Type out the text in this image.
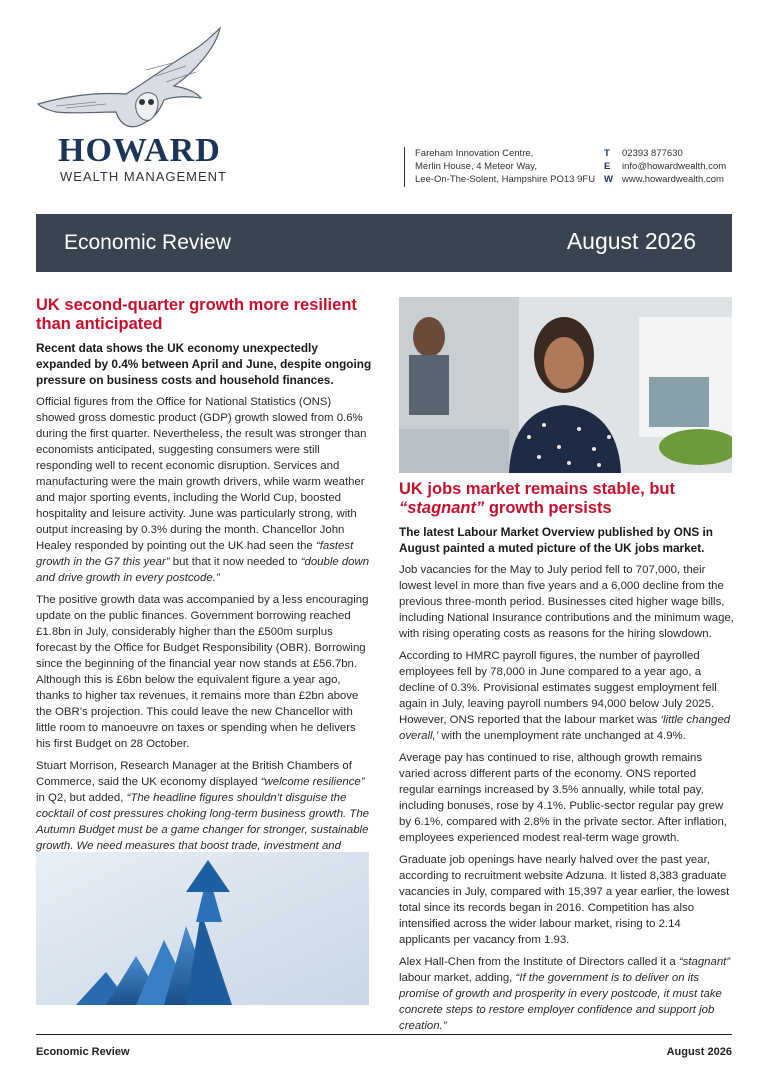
HOWARD
WEALTH MANAGEMENT
Fareham Innovation Centre,
Merlin House, 4 Meteor Way,
Lee-On-The-Solent, Hampshire PO13 9FU
T 02393 877630
E info@howardwealth.com
W www.howardwealth.com
Economic Review	August 2026
UK second-quarter growth more resilient than anticipated
Recent data shows the UK economy unexpectedly expanded by 0.4% between April and June, despite ongoing pressure on business costs and household finances.

Official figures from the Office for National Statistics (ONS) showed gross domestic product (GDP) growth slowed from 0.6% during the first quarter. Nevertheless, the result was stronger than economists anticipated, suggesting consumers were still responding well to recent economic disruption. Services and manufacturing were the main growth drivers, while warm weather and major sporting events, including the World Cup, boosted hospitality and leisure activity. June was particularly strong, with output increasing by 0.3% during the month. Chancellor John Healey responded by pointing out the UK had seen the “fastest growth in the G7 this year” but that it now needed to “double down and drive growth in every postcode.”

The positive growth data was accompanied by a less encouraging update on the public finances. Government borrowing reached £1.8bn in July, considerably higher than the £500m surplus forecast by the Office for Budget Responsibility (OBR). Borrowing since the beginning of the financial year now stands at £56.7bn. Although this is £6bn below the equivalent figure a year ago, thanks to higher tax revenues, it remains more than £2bn above the OBR’s projection. This could leave the new Chancellor with little room to manoeuvre on taxes or spending when he delivers his first Budget on 28 October.

Stuart Morrison, Research Manager at the British Chambers of Commerce, said the UK economy displayed “welcome resilience” in Q2, but added, “The headline figures shouldn’t disguise the cocktail of cost pressures choking long-term business growth. The Autumn Budget must be a game changer for stronger, sustainable growth. We need measures that boost trade, investment and

UK jobs market remains stable, but “stagnant” growth persists
The latest Labour Market Overview published by ONS in August painted a muted picture of the UK jobs market.

Job vacancies for the May to July period fell to 707,000, their lowest level in more than five years and a 6,000 decline from the previous three-month period. Businesses cited higher wage bills, including National Insurance contributions and the minimum wage, with rising operating costs as reasons for the hiring slowdown.

According to HMRC payroll figures, the number of payrolled employees fell by 78,000 in June compared to a year ago, a decline of 0.3%. Provisional estimates suggest employment fell again in July, leaving payroll numbers 94,000 below July 2025. However, ONS reported that the labour market was ‘little changed overall,’ with the unemployment rate unchanged at 4.9%.

Average pay has continued to rise, although growth remains varied across different parts of the economy. ONS reported regular earnings increased by 3.5% annually, while total pay, including bonuses, rose by 4.1%. Public-sector regular pay grew by 6.1%, compared with 2.8% in the private sector. After inflation, employees experienced modest real-term wage growth.

Graduate job openings have nearly halved over the past year, according to recruitment website Adzuna. It listed 8,383 graduate vacancies in July, compared with 15,397 a year earlier, the lowest total since its records began in 2016. Competition has also intensified across the wider labour market, rising to 2.14 applicants per vacancy from 1.93.

Alex Hall-Chen from the Institute of Directors called it a “stagnant” labour market, adding, “If the government is to deliver on its promise of growth and prosperity in every postcode, it must take concrete steps to restore employer confidence and support job creation.”

Economic Review	August 2026
